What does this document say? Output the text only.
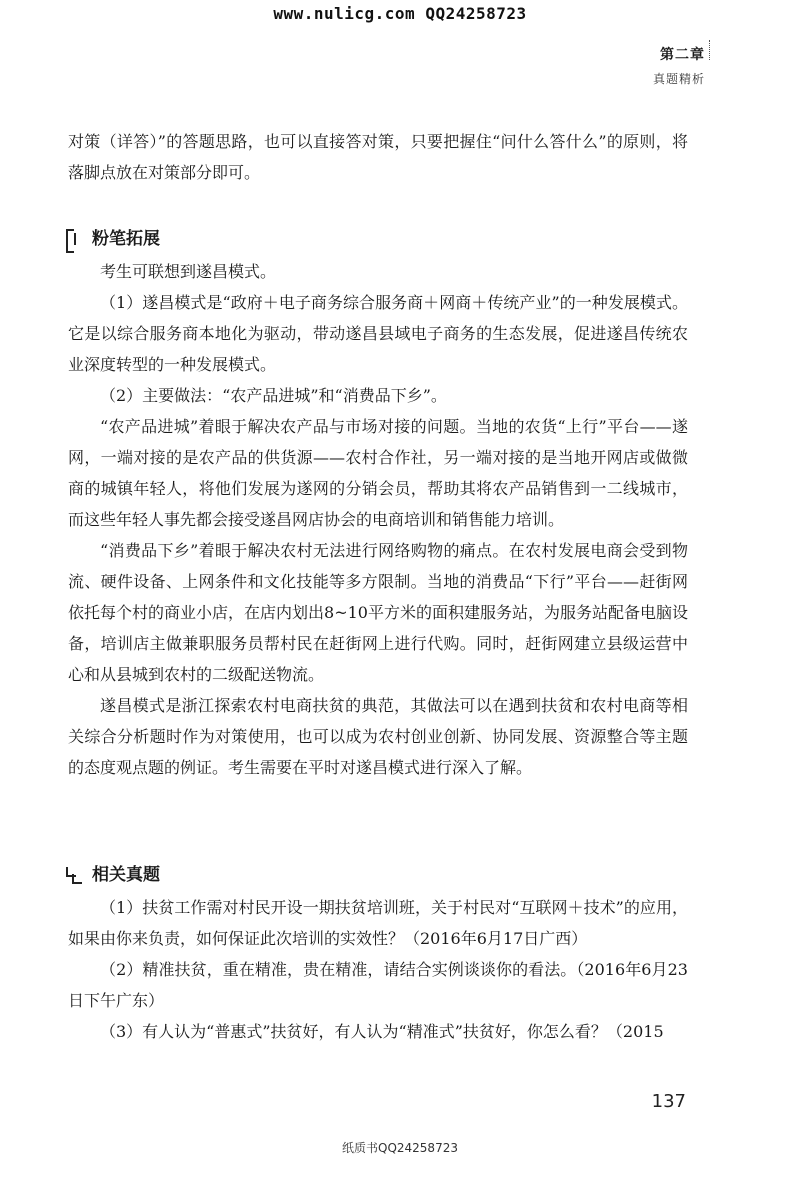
www.nulicg.com QQ24258723
第二章
真题精析

对策（详答）”的答题思路，也可以直接答对策，只要把握住“问什么答什么”的原则，将落脚点放在对策部分即可。

粉笔拓展

考生可联想到遂昌模式。

（1）遂昌模式是“政府＋电子商务综合服务商＋网商＋传统产业”的一种发展模式。它是以综合服务商本地化为驱动，带动遂昌县域电子商务的生态发展，促进遂昌传统农业深度转型的一种发展模式。

（2）主要做法：“农产品进城”和“消费品下乡”。

“农产品进城”着眼于解决农产品与市场对接的问题。当地的农货“上行”平台——遂网，一端对接的是农产品的供货源——农村合作社，另一端对接的是当地开网店或做微商的城镇年轻人，将他们发展为遂网的分销会员，帮助其将农产品销售到一二线城市，而这些年轻人事先都会接受遂昌网店协会的电商培训和销售能力培训。

“消费品下乡”着眼于解决农村无法进行网络购物的痛点。在农村发展电商会受到物流、硬件设备、上网条件和文化技能等多方限制。当地的消费品“下行”平台——赶街网依托每个村的商业小店，在店内划出8~10平方米的面积建服务站，为服务站配备电脑设备，培训店主做兼职服务员帮村民在赶街网上进行代购。同时，赶街网建立县级运营中心和从县城到农村的二级配送物流。

遂昌模式是浙江探索农村电商扶贫的典范，其做法可以在遇到扶贫和农村电商等相关综合分析题时作为对策使用，也可以成为农村创业创新、协同发展、资源整合等主题的态度观点题的例证。考生需要在平时对遂昌模式进行深入了解。

相关真题

（1）扶贫工作需对村民开设一期扶贫培训班，关于村民对“互联网＋技术”的应用，如果由你来负责，如何保证此次培训的实效性？（2016年6月17日广西）

（2）精准扶贫，重在精准，贵在精准，请结合实例谈谈你的看法。（2016年6月23日下午广东）

（3）有人认为“普惠式”扶贫好，有人认为“精准式”扶贫好，你怎么看？（2015

137
纸质书QQ24258723
